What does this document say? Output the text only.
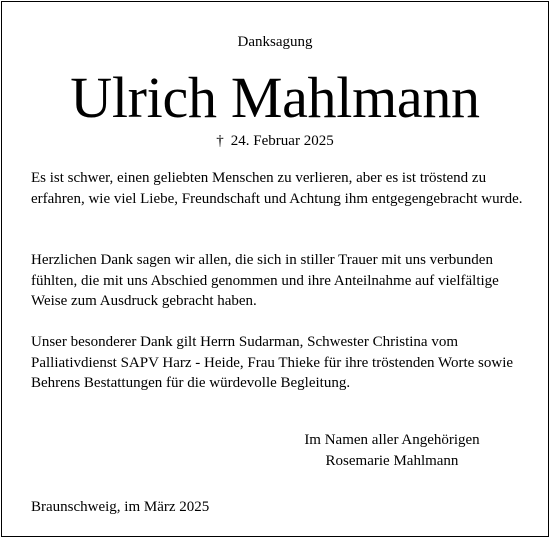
Danksagung
Ulrich Mahlmann
† 24. Februar 2025

Es ist schwer, einen geliebten Menschen zu verlieren, aber es ist tröstend zu erfahren, wie viel Liebe, Freundschaft und Achtung ihm entgegengebracht wurde.

Herzlichen Dank sagen wir allen, die sich in stiller Trauer mit uns verbunden fühlten, die mit uns Abschied genommen und ihre Anteilnahme auf vielfältige Weise zum Ausdruck gebracht haben.

Unser besonderer Dank gilt Herrn Sudarman, Schwester Christina vom Palliativdienst SAPV Harz - Heide, Frau Thieke für ihre tröstenden Worte sowie Behrens Bestattungen für die würdevolle Begleitung.

Im Namen aller Angehörigen
Rosemarie Mahlmann
Braunschweig, im März 2025
